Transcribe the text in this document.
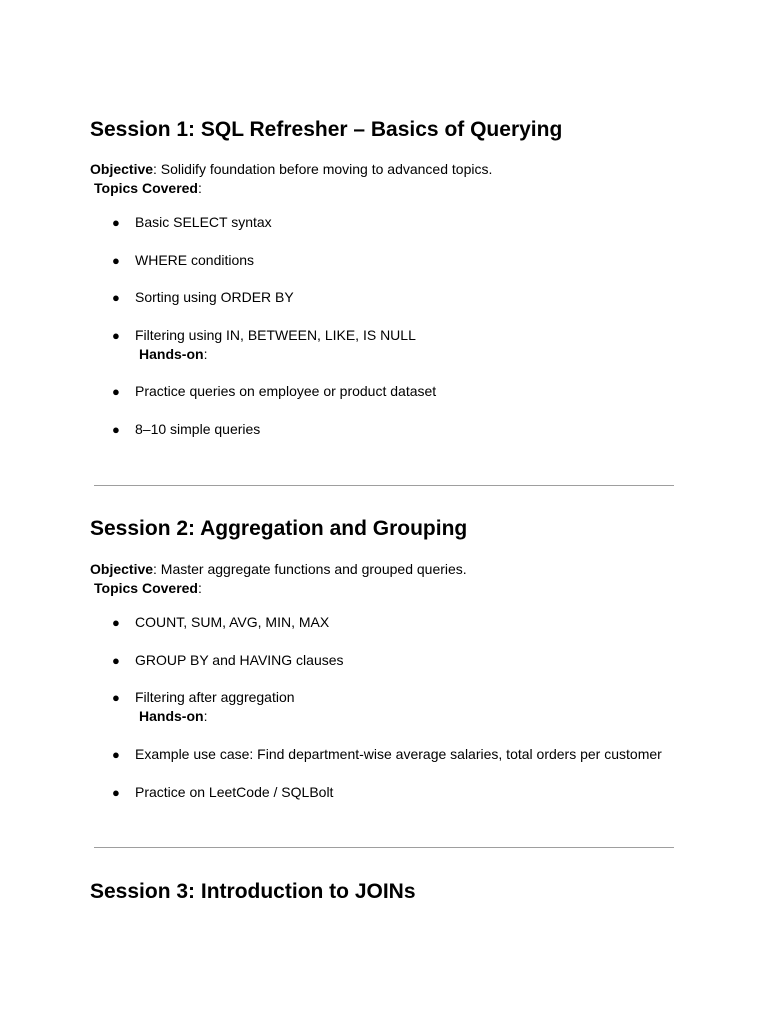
Session 1: SQL Refresher – Basics of Querying
Objective: Solidify foundation before moving to advanced topics.
Topics Covered:
● Basic SELECT syntax
● WHERE conditions
● Sorting using ORDER BY
● Filtering using IN, BETWEEN, LIKE, IS NULL
Hands-on:
● Practice queries on employee or product dataset
● 8–10 simple queries
Session 2: Aggregation and Grouping
Objective: Master aggregate functions and grouped queries.
Topics Covered:
● COUNT, SUM, AVG, MIN, MAX
● GROUP BY and HAVING clauses
● Filtering after aggregation
Hands-on:
● Example use case: Find department-wise average salaries, total orders per customer
● Practice on LeetCode / SQLBolt
Session 3: Introduction to JOINs
